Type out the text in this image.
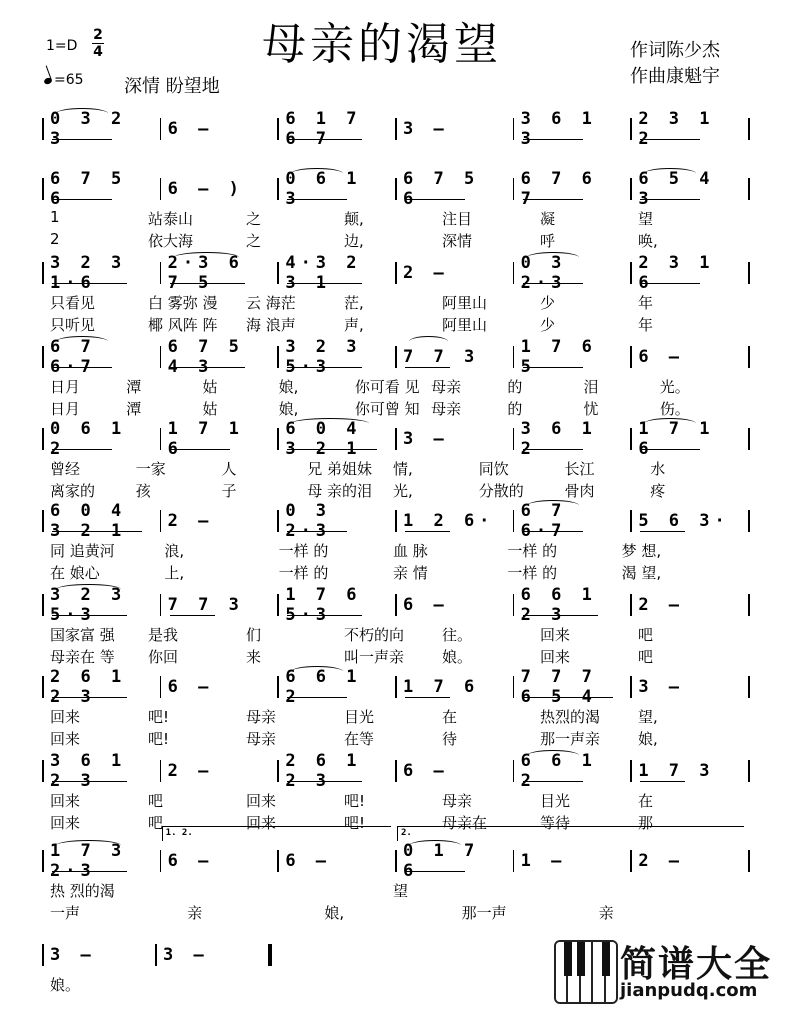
母亲的渴望
1=D
2
4
=65 深情 盼望地
作词陈少杰
作曲康魁宇
0 3 2 3	6 –	6 1 7 6 7	3 –	3 6 1 3
2 3 1 2
6 7 5 6	6 – )	0 6 1 3
6 7 5 6
6 7 6 7
6 5 4 3
1	站泰山	之	颠,	注目	凝	望
2	依大海	之	边,	深情	呼	唤,
3 2 3 1·6
2·3 6 7 5
4·3 2 3 1	2 –	0 3 2·3
2 3 1 6
只看见	白 雾弥 漫 云 海茫	茫,	阿里山	少	年
只听见	椰 风阵 阵 海 浪声	声,	阿里山	少	年
6 7 6·7
6 7 5 4 3
3 2 3 5·3	7 7 3	1 7 6 5	6 –
日月	潭	姑	娘,	你可看 见 母亲	的	泪	光。
日月	潭	姑	娘,	你可曾 知 母亲	的	忧	伤。
0 6 1 2
1 7 1 6
6 0 4 3 2 1	3 –	3 6 1 2
1 7 1 6
曾经	一家	人	兄 弟姐妹 情,	同饮	长江	水
离家的	孩	子	母 亲的泪 光,	分散的	骨肉	疼
6 0 4 3 2 1	2 –	0 3 2·3	1 2 6·	6 7 6·7	5 6 3·
同 追黄河	浪,	一样 的	血 脉	一样 的	梦 想,
在 娘心	上,	一样 的	亲 情	一样 的	渴 望,
3 2 3 5·3	7 7 3	1 7 6 5·3	6 –	6 6 1 2 3	2 –
国家富 强 是我	们	不朽的向	往。	回来	吧
母亲在 等 你回	来	叫一声亲	娘。	回来	吧
2 6 1 2 3	6 –	6 6 1 2	1 7 6	7 7 7 6 5 4	3 –
回来	吧!	母亲	目光	在	热烈的渴	望,
回来	吧!	母亲	在等	待	那一声亲	娘,
3 6 1 2 3	2 –	2 6 1 2 3	6 –	6 6 1 2	1 7 3
回来	吧	回来	吧!	母亲	目光	在
回来	吧	回来	吧!	母亲在	等待	那
1 7 3 2·3	6 –	6 –	0 1 7 6	1 –	2 –
1. 2.	2.
热 烈的渴	望
一声	亲	娘,	那一声	亲
3 –	3 –
娘。	简谱大全
jianpudq.com
